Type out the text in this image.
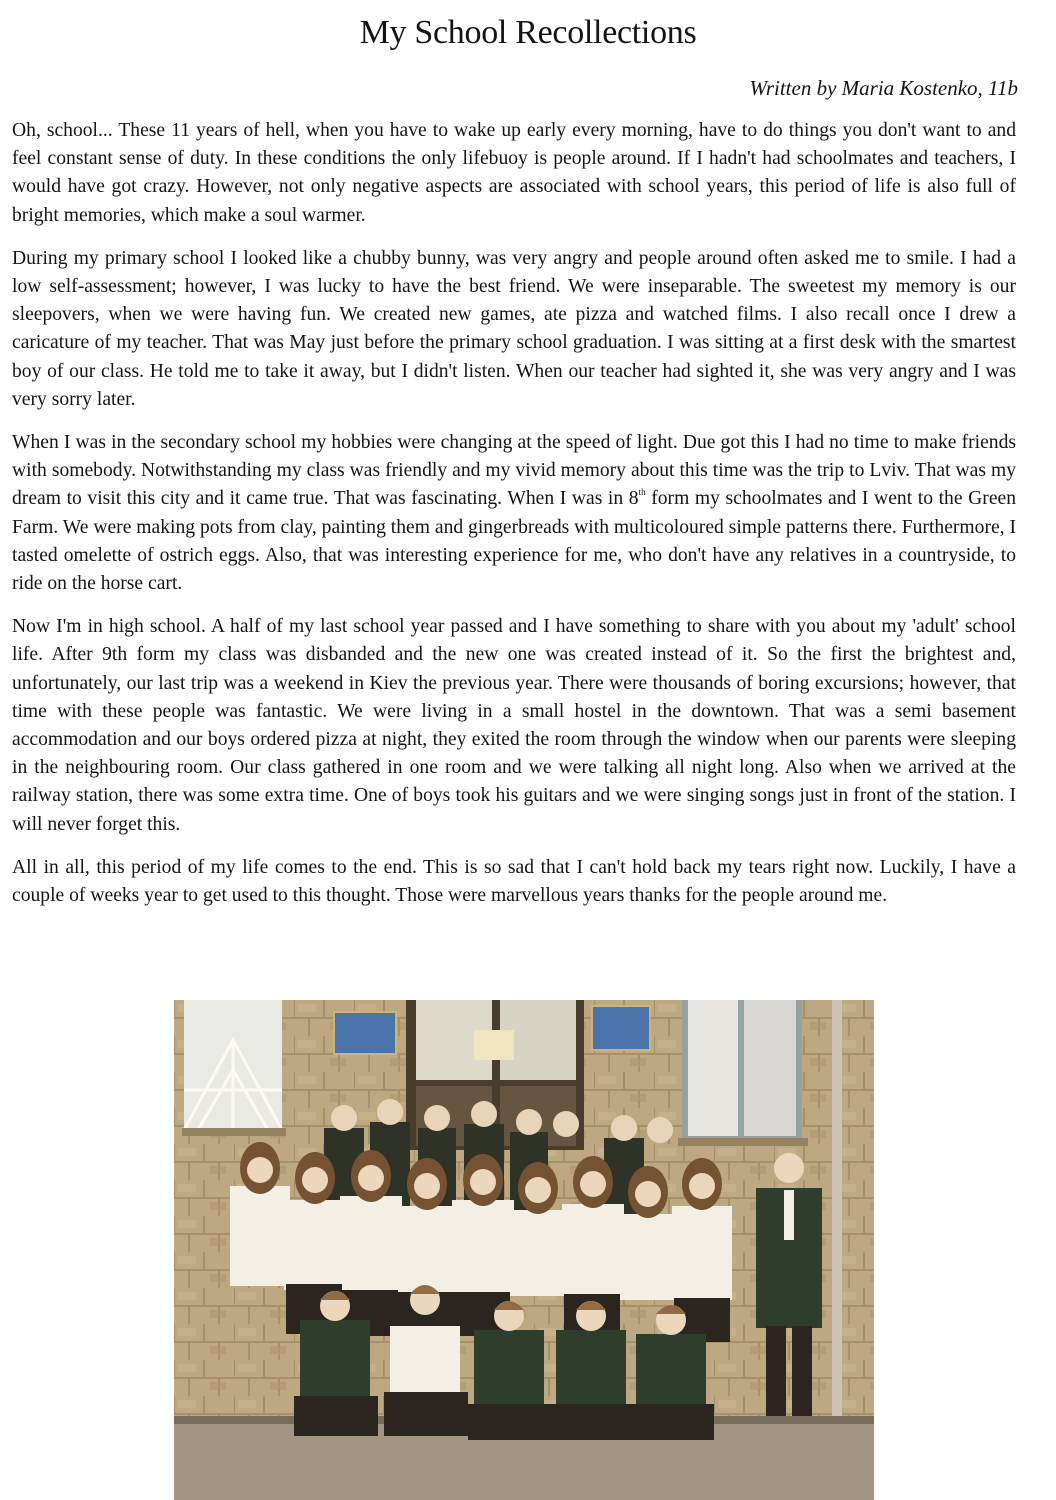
My School Recollections

Written by Maria Kostenko, 11b

Oh, school... These 11 years of hell, when you have to wake up early every morning, have to do things you don't want to and feel constant sense of duty. In these conditions the only lifebuoy is people around. If I hadn't had schoolmates and teachers, I would have got crazy. However, not only negative aspects are associated with school years, this period of life is also full of bright memories, which make a soul warmer.

During my primary school I looked like a chubby bunny, was very angry and people around often asked me to smile. I had a low self-assessment; however, I was lucky to have the best friend. We were inseparable. The sweetest my memory is our sleepovers, when we were having fun. We created new games, ate pizza and watched films. I also recall once I drew a caricature of my teacher. That was May just before the primary school graduation. I was sitting at a first desk with the smartest boy of our class. He told me to take it away, but I didn't listen. When our teacher had sighted it, she was very angry and I was very sorry later.

When I was in the secondary school my hobbies were changing at the speed of light. Due got this I had no time to make friends with somebody. Notwithstanding my class was friendly and my vivid memory about this time was the trip to Lviv. That was my dream to visit this city and it came true. That was fascinating. When I was in 8th form my schoolmates and I went to the Green Farm. We were making pots from clay, painting them and gingerbreads with multicoloured simple patterns there. Furthermore, I tasted omelette of ostrich eggs. Also, that was interesting experience for me, who don't have any relatives in a countryside, to ride on the horse cart.

Now I'm in high school. A half of my last school year passed and I have something to share with you about my 'adult' school life. After 9th form my class was disbanded and the new one was created instead of it. So the first the brightest and, unfortunately, our last trip was a weekend in Kiev the previous year. There were thousands of boring excursions; however, that time with these people was fantastic. We were living in a small hostel in the downtown. That was a semi basement accommodation and our boys ordered pizza at night, they exited the room through the window when our parents were sleeping in the neighbouring room. Our class gathered in one room and we were talking all night long. Also when we arrived at the railway station, there was some extra time. One of boys took his guitars and we were singing songs just in front of the station. I will never forget this.

All in all, this period of my life comes to the end. This is so sad that I can't hold back my tears right now. Luckily, I have a couple of weeks year to get used to this thought. Those were marvellous years thanks for the people around me.
